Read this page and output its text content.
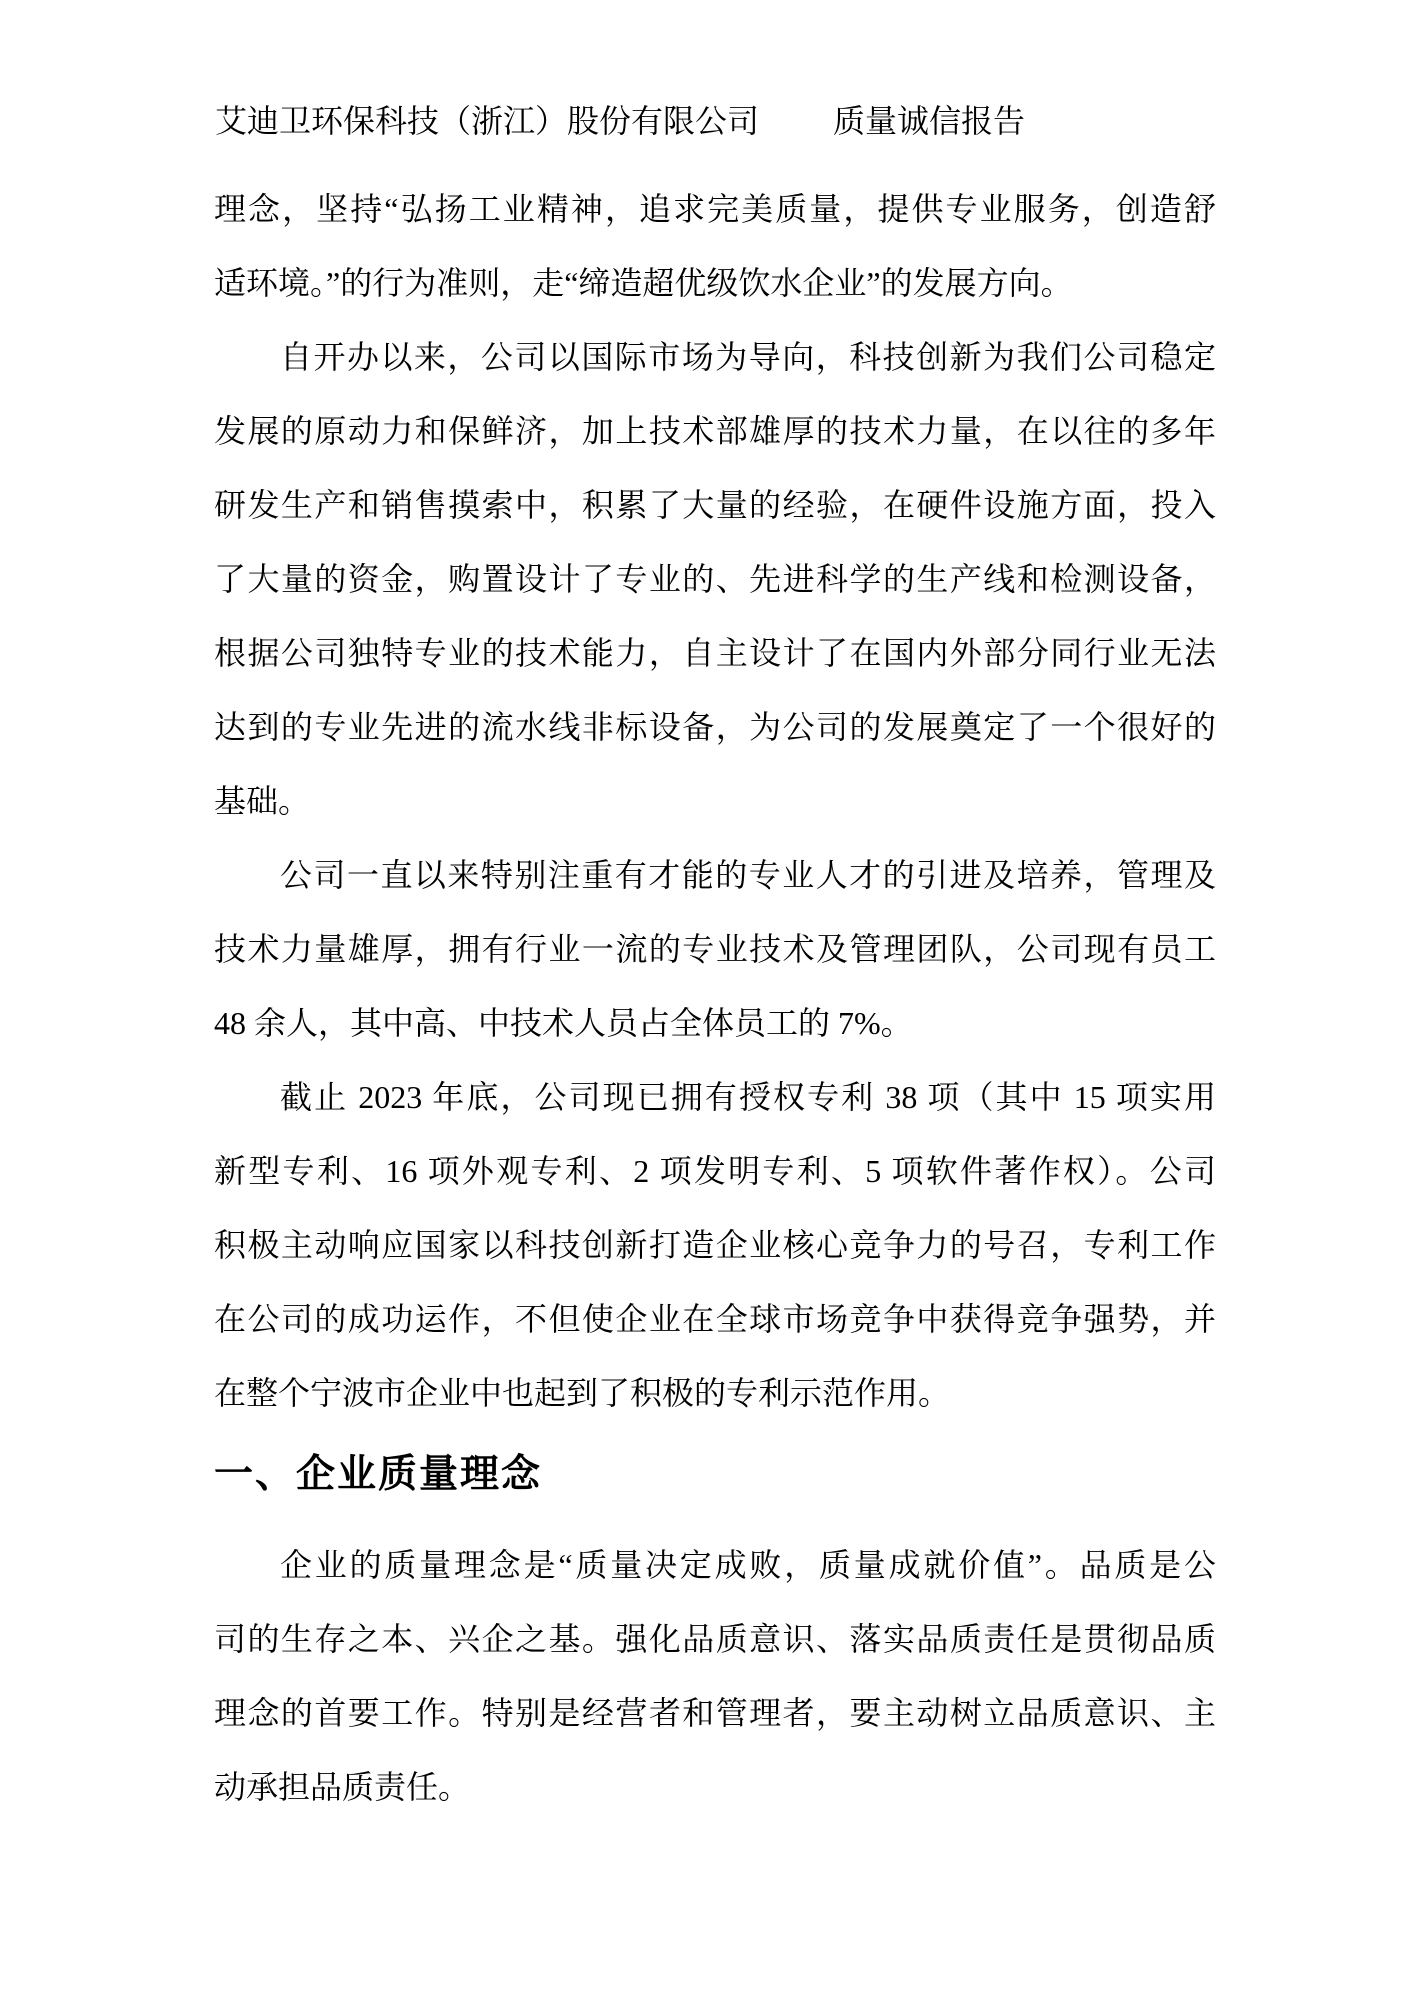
艾迪卫环保科技（浙江）股份有限公司 质量诚信报告
理念，坚持“弘扬工业精神，追求完美质量，提供专业服务，创造舒
适环境。”的行为准则，走“缔造超优级饮水企业”的发展方向。
自开办以来，公司以国际市场为导向，科技创新为我们公司稳定
发展的原动力和保鲜济，加上技术部雄厚的技术力量，在以往的多年
研发生产和销售摸索中，积累了大量的经验，在硬件设施方面，投入
了大量的资金，购置设计了专业的、先进科学的生产线和检测设备，
根据公司独特专业的技术能力，自主设计了在国内外部分同行业无法
达到的专业先进的流水线非标设备，为公司的发展奠定了一个很好的
基础。
公司一直以来特别注重有才能的专业人才的引进及培养，管理及
技术力量雄厚，拥有行业一流的专业技术及管理团队，公司现有员工
48 余人，其中高、中技术人员占全体员工的 7%。
截止 2023 年底，公司现已拥有授权专利 38 项（其中 15 项实用
新型专利、16 项外观专利、2 项发明专利、5 项软件著作权）。公司
积极主动响应国家以科技创新打造企业核心竞争力的号召，专利工作
在公司的成功运作，不但使企业在全球市场竞争中获得竞争强势，并
在整个宁波市企业中也起到了积极的专利示范作用。
一、企业质量理念
企业的质量理念是“质量决定成败，质量成就价值”。品质是公
司的生存之本、兴企之基。强化品质意识、落实品质责任是贯彻品质
理念的首要工作。特别是经营者和管理者，要主动树立品质意识、主
动承担品质责任。
